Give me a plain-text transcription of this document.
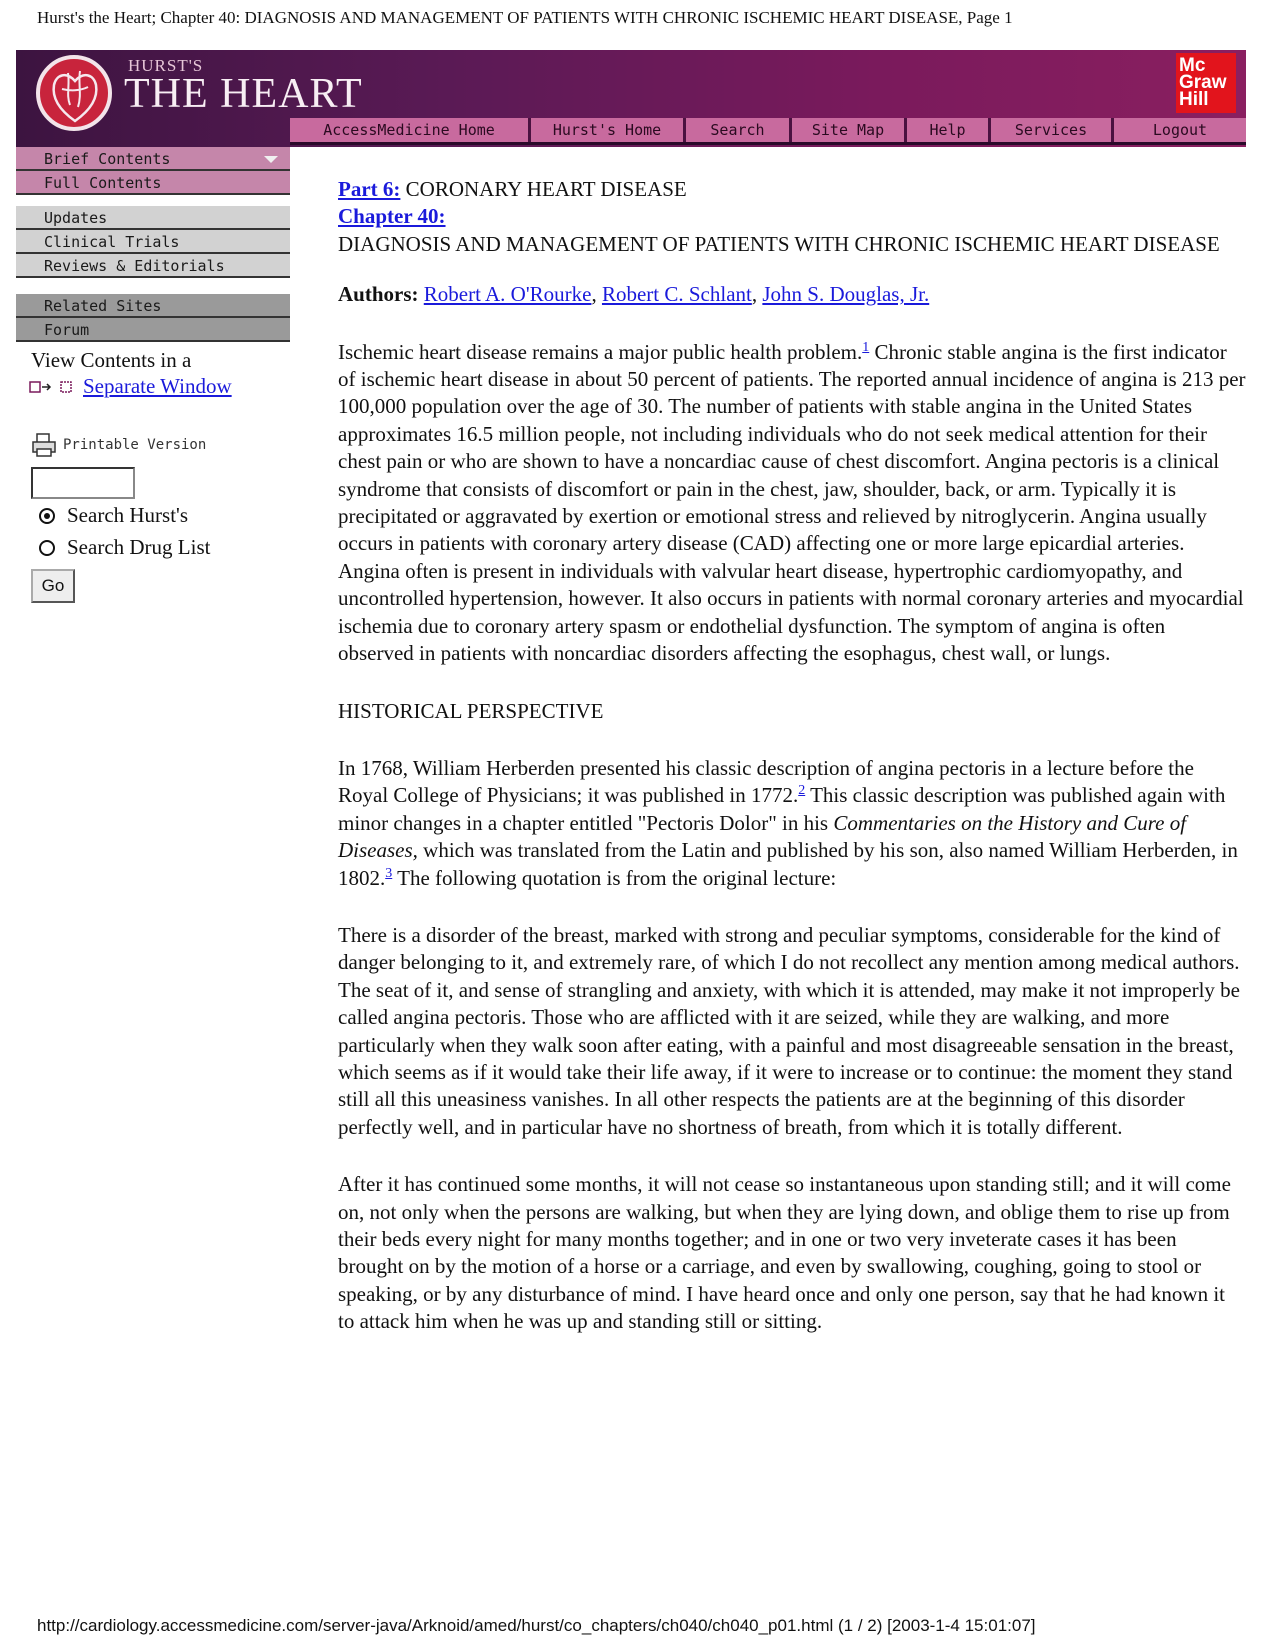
Hurst's the Heart; Chapter 40: DIAGNOSIS AND MANAGEMENT OF PATIENTS WITH CHRONIC ISCHEMIC HEART DISEASE, Page 1
HURST'S
THE HEART
Mc
Graw
Hill
AccessMedicine Home	Hurst's Home	Search	Site Map	Help	Services	Logout
Brief Contents
Full Contents
Updates
Clinical Trials
Reviews & Editorials
Related Sites
Forum
View Contents in a
Separate Window
Printable Version
Search Hurst's
Search Drug List
Go
Part 6: CORONARY HEART DISEASE
Chapter 40:

DIAGNOSIS AND MANAGEMENT OF PATIENTS WITH CHRONIC ISCHEMIC HEART DISEASE

Authors: Robert A. O'Rourke, Robert C. Schlant, John S. Douglas, Jr.

Ischemic heart disease remains a major public health problem.$^1$ Chronic stable angina is the first indicator of ischemic heart disease in about 50 percent of patients. The reported annual incidence of angina is 213 per 100,000 population over the age of 30. The number of patients with stable angina in the United States approximates 16.5 million people, not including individuals who do not seek medical attention for their chest pain or who are shown to have a noncardiac cause of chest discomfort. Angina pectoris is a clinical syndrome that consists of discomfort or pain in the chest, jaw, shoulder, back, or arm. Typically it is precipitated or aggravated by exertion or emotional stress and relieved by nitroglycerin. Angina usually occurs in patients with coronary artery disease (CAD) affecting one or more large epicardial arteries. Angina often is present in individuals with valvular heart disease, hypertrophic cardiomyopathy, and uncontrolled hypertension, however. It also occurs in patients with normal coronary arteries and myocardial ischemia due to coronary artery spasm or endothelial dysfunction. The symptom of angina is often observed in patients with noncardiac disorders affecting the esophagus, chest wall, or lungs.

HISTORICAL PERSPECTIVE

In 1768, William Herberden presented his classic description of angina pectoris in a lecture before the Royal College of Physicians; it was published in 1772.$^2$ This classic description was published again with minor changes in a chapter entitled "Pectoris Dolor" in his Commentaries on the History and Cure of Diseases, which was translated from the Latin and published by his son, also named William Herberden, in 1802.$^3$ The following quotation is from the original lecture:

There is a disorder of the breast, marked with strong and peculiar symptoms, considerable for the kind of danger belonging to it, and extremely rare, of which I do not recollect any mention among medical authors. The seat of it, and sense of strangling and anxiety, with which it is attended, may make it not improperly be called angina pectoris. Those who are afflicted with it are seized, while they are walking, and more particularly when they walk soon after eating, with a painful and most disagreeable sensation in the breast, which seems as if it would take their life away, if it were to increase or to continue: the moment they stand still all this uneasiness vanishes. In all other respects the patients are at the beginning of this disorder perfectly well, and in particular have no shortness of breath, from which it is totally different.

After it has continued some months, it will not cease so instantaneous upon standing still; and it will come on, not only when the persons are walking, but when they are lying down, and oblige them to rise up from their beds every night for many months together; and in one or two very inveterate cases it has been brought on by the motion of a horse or a carriage, and even by swallowing, coughing, going to stool or speaking, or by any disturbance of mind. I have heard once and only one person, say that he had known it to attack him when he was up and standing still or sitting.

http://cardiology.accessmedicine.com/server-java/Arknoid/amed/hurst/co_chapters/ch040/ch040_p01.html (1 / 2) [2003-1-4 15:01:07]
